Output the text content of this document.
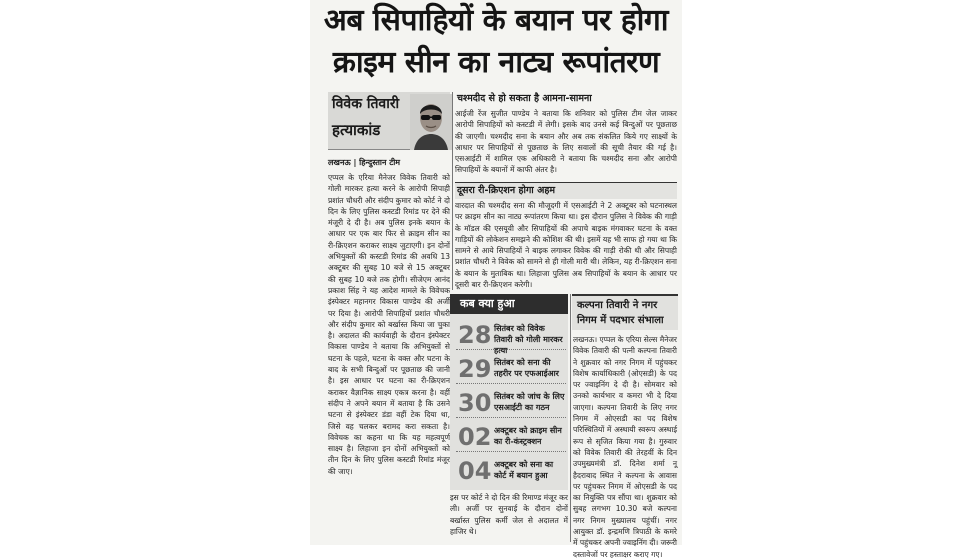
अब सिपाहियों के बयान पर होगा
क्राइम सीन का नाट्य रूपांतरण
विवेक तिवारी
हत्याकांड
लखनऊ | हिन्दुस्तान टीम
एप्पल के एरिया मैनेजर विवेक तिवारी को गोली मारकर हत्या करने के आरोपी सिपाही प्रशांत चौधरी और संदीप कुमार को कोर्ट ने दो दिन के लिए पुलिस कस्टडी रिमांड पर देने की मंजूरी दे दी है। अब पुलिस इनके बयान के आधार पर एक बार फिर से क्राइम सीन का री-क्रिएशन कराकर साक्ष्य जुटाएगी। इन दोनों अभियुक्तों की कस्टडी रिमांड की अवधि 13 अक्टूबर की सुबह 10 बजे से 15 अक्टूबर की सुबह 10 बजे तक होगी। सीजेएम आनंद प्रकाश सिंह ने यह आदेश मामले के विवेचक इंस्पेक्टर महानगर विकास पाण्डेय की अर्जी पर दिया है। आरोपी सिपाहियों प्रशांत चौधरी और संदीप कुमार को बर्खास्त किया जा चुका है। अदालत की कार्यवाही के दौरान इंस्पेक्टर विकास पाण्डेय ने बताया कि अभियुक्तों से घटना के पहले, घटना के वक्त और घटना के बाद के सभी बिन्दुओं पर पूछताछ की जानी है। इस आधार पर घटना का री-क्रिएशन कराकर वैज्ञानिक साक्ष्य एकत्र करना है। वहीं संदीप ने अपने बयान में बताया है कि उसने घटना से इंस्पेक्टर डंडा वहीं टेक दिया था, जिसे वह चलकर बरामद करा सकता है। विवेचक का कहना था कि यह महत्वपूर्ण साक्ष्य है। लिहाजा इन दोनों अभियुक्तों को तीन दिन के लिए पुलिस कस्टडी रिमांड मंजूर की जाए।
चश्मदीद से हो सकता है आमना-सामना
आईजी रेंज सुजीत पाण्डेय ने बताया कि शनिवार को पुलिस टीम जेल जाकर आरोपी सिपाहियों को कस्टडी में लेगी। इसके बाद उनसे कई बिन्दुओं पर पूछताछ की जाएगी। चश्मदीद सना के बयान और अब तक संकलित किये गए साक्ष्यों के आधार पर सिपाहियों से पूछताछ के लिए सवालों की सूची तैयार की गई है। एसआईटी में शामिल एक अधिकारी ने बताया कि चश्मदीद सना और आरोपी सिपाहियों के बयानों में काफी अंतर है।
दूसरा री-क्रिएशन होगा अहम
वारदात की चश्मदीद सना की मौजूदगी में एसआईटी ने 2 अक्टूबर को घटनास्थल पर क्राइम सीन का नाट्य रूपांतरण किया था। इस दौरान पुलिस ने विवेक की गाड़ी के मॉडल की एसयूवी और सिपाहियों की अपाचे बाइक मंगवाकर घटना के वक्त गाड़ियों की लोकेशन समझने की कोशिश की थी। इसमें यह भी साफ हो गया था कि सामने से आये सिपाहियों ने बाइक लगाकर विवेक की गाड़ी रोकी थी और सिपाही प्रशांत चौधरी ने विवेक को सामने से ही गोली मारी थी। लेकिन, यह री-क्रिएशन सना के बयान के मुताबिक था। लिहाजा पुलिस अब सिपाहियों के बयान के आधार पर दूसरी बार री-क्रिएशन करेगी।
कब क्या हुआ
28 सितंबर को विवेक तिवारी को गोली मारकर हत्या
29 सितंबर को सना की तहरीर पर एफआईआर
30 सितंबर को जांच के लिए एसआईटी का गठन
02 अक्टूबर को क्राइम सीन का री-कंस्ट्रक्शन
04 अक्टूबर को सना का कोर्ट में बयान हुआ
इस पर कोर्ट ने दो दिन की रिमाण्ड मंजूर कर ली। अर्जी पर सुनवाई के दौरान दोनों बर्खास्त पुलिस कर्मी जेल से अदालत में हाजिर थे।
कल्पना तिवारी ने नगर निगम में पदभार संभाला
लखनऊ। एप्पल के एरिया सेल्स मैनेजर विवेक तिवारी की पत्नी कल्पना तिवारी ने शुक्रवार को नगर निगम में पहुंचकर विशेष कार्याधिकारी (ओएसडी) के पद पर ज्वाइनिंग दे दी है। सोमवार को उनको कार्यभार व कमरा भी दे दिया जाएगा। कल्पना तिवारी के लिए नगर निगम में ओएसडी का पद विशेष परिस्थितियों में अस्थायी स्वरूप अस्थाई रूप से सृजित किया गया है। गुरुवार को विवेक तिवारी की तेरहवीं के दिन उपमुख्यमंत्री डॉ. दिनेश शर्मा नू हैदराबाद स्थित ने कल्पना के आवास पर पहुंचकर निगम में ओएसडी के पद का नियुक्ति पत्र सौंपा था। शुक्रवार को सुबह लगभग 10.30 बजे कल्पना नगर निगम मुख्यालय पहुंचीं। नगर आयुक्त डॉ. इन्द्रमणि त्रिपाठी के कमरे में पहुंचकर अपनी ज्वाइनिंग दी। जरूरी दस्तावेजों पर हस्ताक्षर कराए गए।
